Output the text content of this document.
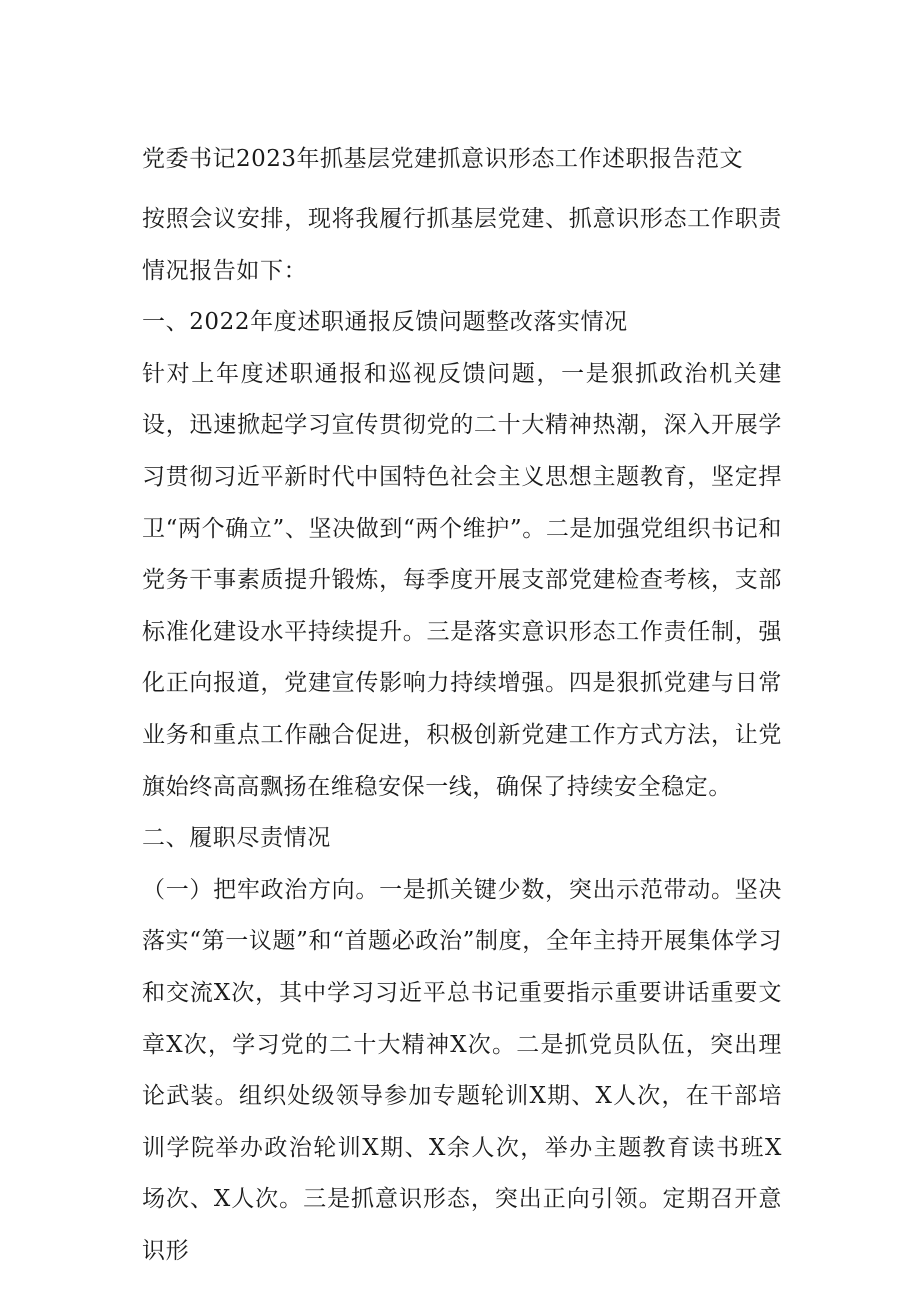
党委书记2023年抓基层党建抓意识形态工作述职报告范文

按照会议安排，现将我履行抓基层党建、抓意识形态工作职责情况报告如下：

一、2022年度述职通报反馈问题整改落实情况

针对上年度述职通报和巡视反馈问题，一是狠抓政治机关建设，迅速掀起学习宣传贯彻党的二十大精神热潮，深入开展学习贯彻习近平新时代中国特色社会主义思想主题教育，坚定捍卫“两个确立”、坚决做到“两个维护”。二是加强党组织书记和党务干事素质提升锻炼，每季度开展支部党建检查考核，支部标准化建设水平持续提升。三是落实意识形态工作责任制，强化正向报道，党建宣传影响力持续增强。四是狠抓党建与日常业务和重点工作融合促进，积极创新党建工作方式方法，让党旗始终高高飘扬在维稳安保一线，确保了持续安全稳定。

二、履职尽责情况

（一）把牢政治方向。一是抓关键少数，突出示范带动。坚决落实“第一议题”和“首题必政治”制度，全年主持开展集体学习和交流X次，其中学习习近平总书记重要指示重要讲话重要文章X次，学习党的二十大精神X次。二是抓党员队伍，突出理论武装。组织处级领导参加专题轮训X期、X人次，在干部培训学院举办政治轮训X期、X余人次，举办主题教育读书班X场次、X人次。三是抓意识形态，突出正向引领。定期召开意识形
